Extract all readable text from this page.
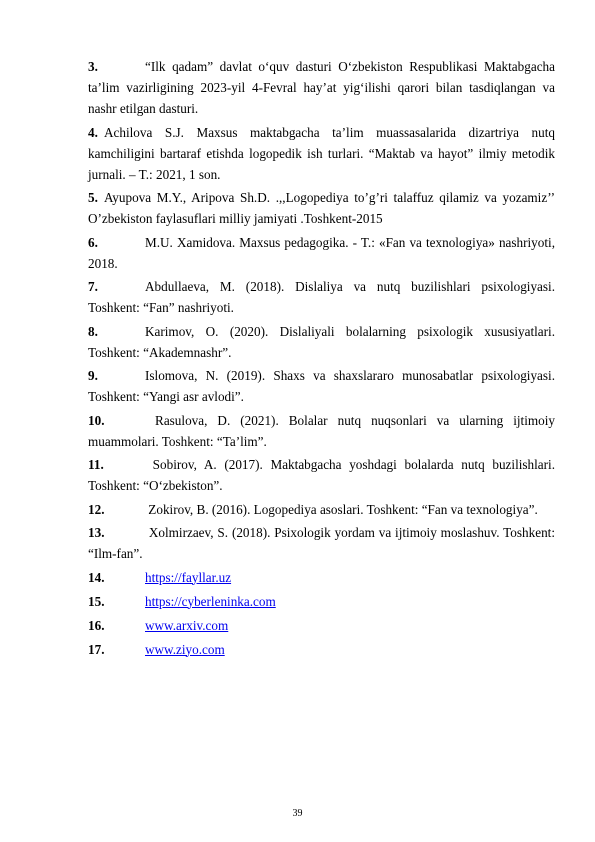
3.	“Ilk qadam” davlat o‘quv dasturi O‘zbekiston Respublikasi Maktabgacha ta’lim vazirligining 2023-yil 4-Fevral hay’at yig‘ilishi qarori bilan tasdiqlangan va nashr etilgan dasturi.

4. Achilova S.J. Maxsus maktabgacha ta’lim muassasalarida dizartriya nutq kamchiligini bartaraf etishda logopedik ish turlari. “Maktab va hayot” ilmiy metodik jurnali. – T.: 2021, 1 son.

5. Ayupova M.Y., Aripova Sh.D. .,,Logopediya to’g’ri talaffuz qilamiz va yozamiz’’ O’zbekiston faylasuflari milliy jamiyati .Toshkent-2015

6.	M.U. Xamidova. Maxsus pedagogika. - T.: «Fan va texnologiya» nashriyoti, 2018.

7.	Abdullaeva, M. (2018). Dislaliya va nutq buzilishlari psixologiyasi. Toshkent: “Fan” nashriyoti.

8.	Karimov, O. (2020). Dislaliyali bolalarning psixologik xususiyatlari. Toshkent: “Akademnashr”.

9.	Islomova, N. (2019). Shaxs va shaxslararo munosabatlar psixologiyasi. Toshkent: “Yangi asr avlodi”.

10.	Rasulova, D. (2021). Bolalar nutq nuqsonlari va ularning ijtimoiy muammolari. Toshkent: “Ta’lim”.

11.	Sobirov, A. (2017). Maktabgacha yoshdagi bolalarda nutq buzilishlari. Toshkent: “O‘zbekiston”.

12.	Zokirov, B. (2016). Logopediya asoslari. Toshkent: “Fan va texnologiya”.

13.	Xolmirzaev, S. (2018). Psixologik yordam va ijtimoiy moslashuv. Toshkent: “Ilm-fan”.

14.	https://fayllar.uz

15.	https://cyberleninka.com

16.	www.arxiv.com

17.	www.ziyo.com

39
